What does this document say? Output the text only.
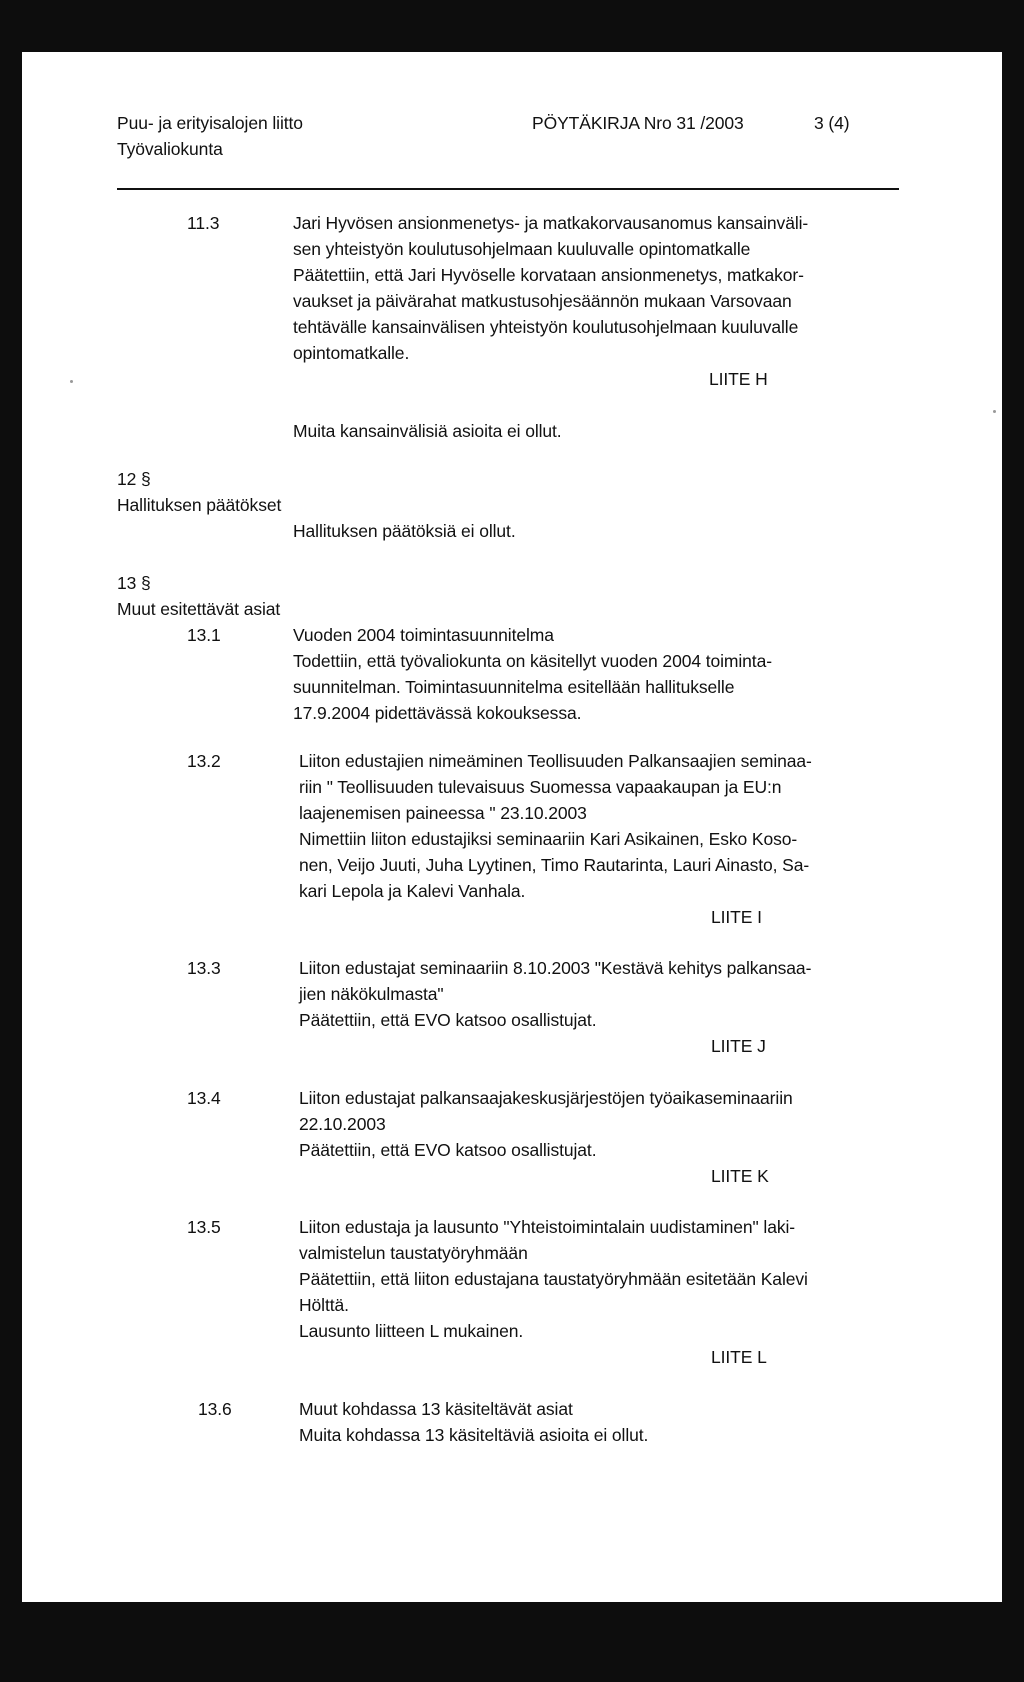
Puu- ja erityisalojen liitto
Työvaliokunta
PÖYTÄKIRJA Nro 31 /2003	3 (4)
11.3	Jari Hyvösen ansionmenetys- ja matkakorvausanomus kansainväli-
sen yhteistyön koulutusohjelmaan kuuluvalle opintomatkalle
Päätettiin, että Jari Hyvöselle korvataan ansionmenetys, matkakor-
vaukset ja päivärahat matkustusohjesäännön mukaan Varsovaan
tehtävälle kansainvälisen yhteistyön koulutusohjelmaan kuuluvalle
opintomatkalle.
LIITE H
Muita kansainvälisiä asioita ei ollut.
12 §
Hallituksen päätökset
Hallituksen päätöksiä ei ollut.
13 §
Muut esitettävät asiat
13.1	Vuoden 2004 toimintasuunnitelma
Todettiin, että työvaliokunta on käsitellyt vuoden 2004 toiminta-
suunnitelman. Toimintasuunnitelma esitellään hallitukselle
17.9.2004 pidettävässä kokouksessa.
13.2	Liiton edustajien nimeäminen Teollisuuden Palkansaajien seminaa-
riin " Teollisuuden tulevaisuus Suomessa vapaakaupan ja EU:n
laajenemisen paineessa " 23.10.2003
Nimettiin liiton edustajiksi seminaariin Kari Asikainen, Esko Koso-
nen, Veijo Juuti, Juha Lyytinen, Timo Rautarinta, Lauri Ainasto, Sa-
kari Lepola ja Kalevi Vanhala.
LIITE I
13.3	Liiton edustajat seminaariin 8.10.2003 "Kestävä kehitys palkansaa-
jien näkökulmasta"
Päätettiin, että EVO katsoo osallistujat.
LIITE J
13.4	Liiton edustajat palkansaajakeskusjärjestöjen työaikaseminaariin
22.10.2003
Päätettiin, että EVO katsoo osallistujat.
LIITE K
13.5	Liiton edustaja ja lausunto "Yhteistoimintalain uudistaminen" laki-
valmistelun taustatyöryhmään
Päätettiin, että liiton edustajana taustatyöryhmään esitetään Kalevi
Hölttä.
Lausunto liitteen L mukainen.
LIITE L
13.6	Muut kohdassa 13 käsiteltävät asiat
Muita kohdassa 13 käsiteltäviä asioita ei ollut.
